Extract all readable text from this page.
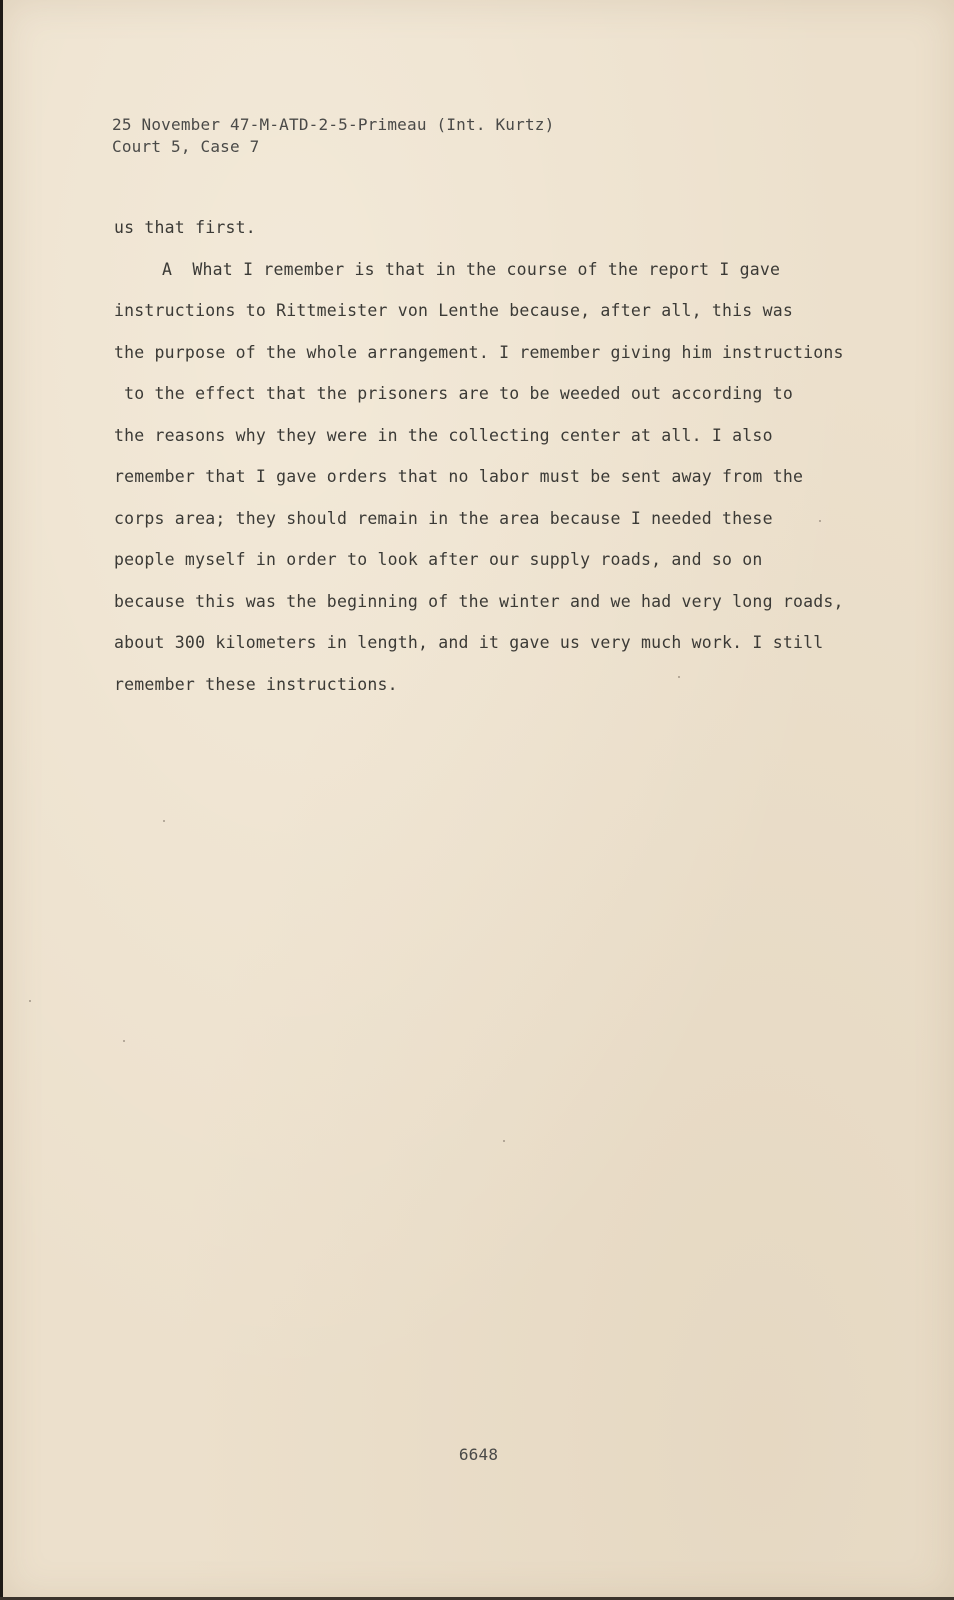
25 November 47-M-ATD-2-5-Primeau (Int. Kurtz)
Court 5, Case 7
us that first.
A  What I remember is that in the course of the report I gave
instructions to Rittmeister von Lenthe because, after all, this was
the purpose of the whole arrangement. I remember giving him instructions
to the effect that the prisoners are to be weeded out according to
the reasons why they were in the collecting center at all. I also
remember that I gave orders that no labor must be sent away from the
corps area; they should remain in the area because I needed these
people myself in order to look after our supply roads, and so on
because this was the beginning of the winter and we had very long roads,
about 300 kilometers in length, and it gave us very much work. I still
remember these instructions.
6648
